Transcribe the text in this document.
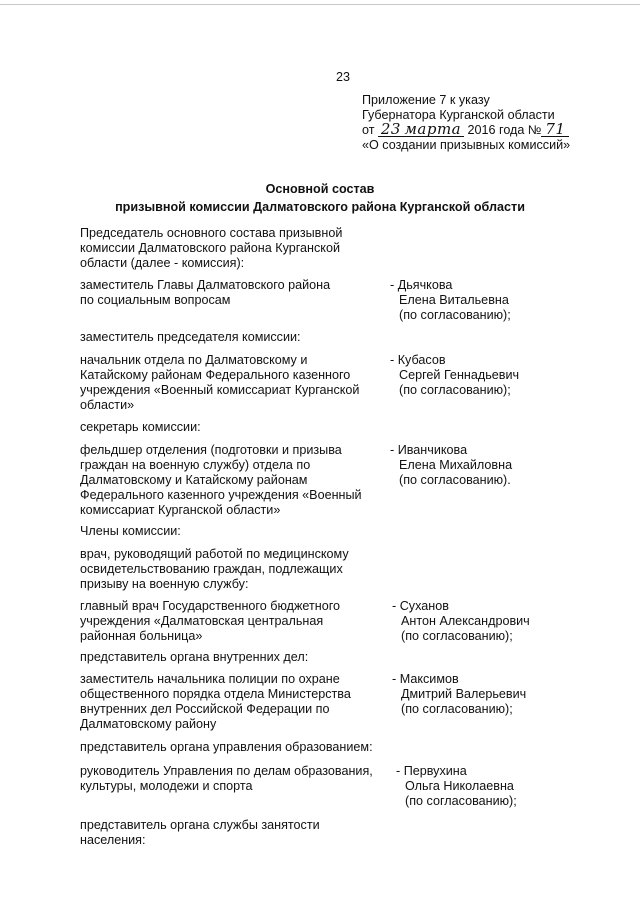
23
Приложение 7 к указу
Губернатора Курганской области
от 23 марта 2016 года № 71
«О создании призывных комиссий»
Основной состав
призывной комиссии Далматовского района Курганской области
Председатель основного состава призывной
комиссии Далматовского района Курганской
области (далее - комиссия):
заместитель Главы Далматовского района
по социальным вопросам
- Дьячкова
Елена Витальевна
(по согласованию);
заместитель председателя комиссии:
начальник отдела по Далматовскому и
Катайскому районам Федерального казенного
учреждения «Военный комиссариат Курганской
области»
- Кубасов
Сергей Геннадьевич
(по согласованию);
секретарь комиссии:
фельдшер отделения (подготовки и призыва
граждан на военную службу) отдела по
Далматовскому и Катайскому районам
Федерального казенного учреждения «Военный
комиссариат Курганской области»
- Иванчикова
Елена Михайловна
(по согласованию).
Члены комиссии:
врач, руководящий работой по медицинскому
освидетельствованию граждан, подлежащих
призыву на военную службу:
главный врач Государственного бюджетного
учреждения «Далматовская центральная
районная больница»
- Суханов
Антон Александрович
(по согласованию);
представитель органа внутренних дел:
заместитель начальника полиции по охране
общественного порядка отдела Министерства
внутренних дел Российской Федерации по
Далматовскому району
- Максимов
Дмитрий Валерьевич
(по согласованию);
представитель органа управления образованием:
руководитель Управления по делам образования,
культуры, молодежи и спорта
- Первухина
Ольга Николаевна
(по согласованию);
представитель органа службы занятости
населения:
